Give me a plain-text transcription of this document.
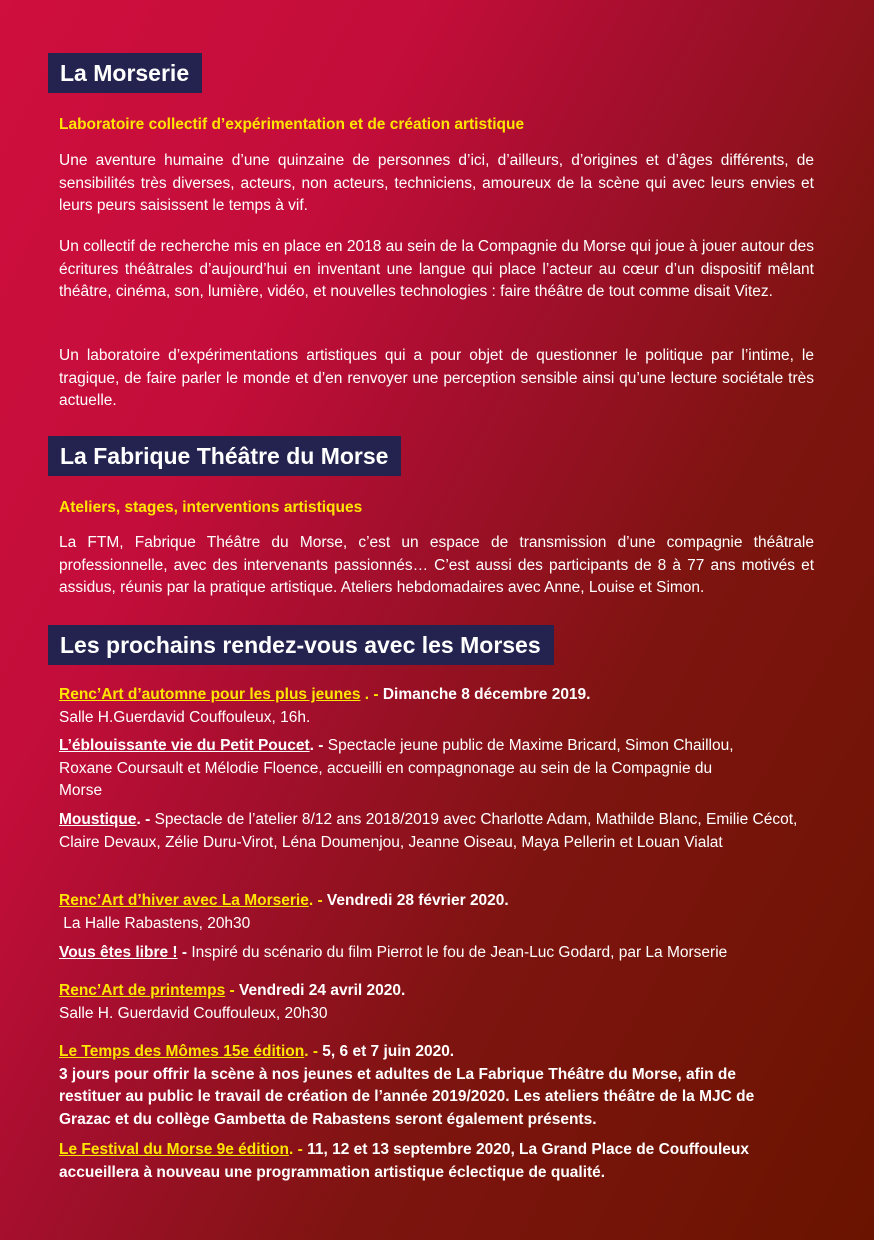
La Morserie
Laboratoire collectif d’expérimentation et de création artistique

Une aventure humaine d’une quinzaine de personnes d’ici, d’ailleurs, d’origines et d’âges différents, de sensibilités très diverses, acteurs, non acteurs, techniciens, amoureux de la scène qui avec leurs envies et leurs peurs saisissent le temps à vif.

Un collectif de recherche mis en place en 2018 au sein de la Compagnie du Morse qui joue à jouer autour des écritures théâtrales d’aujourd’hui en inventant une langue qui place l’acteur au cœur d’un dispositif mêlant théâtre, cinéma, son, lumière, vidéo, et nouvelles technologies : faire théâtre de tout comme disait Vitez.

Un laboratoire d’expérimentations artistiques qui a pour objet de questionner le politique par l’intime, le tragique, de faire parler le monde et d’en renvoyer une perception sensible ainsi qu’une lecture sociétale très actuelle.

La Fabrique Théâtre du Morse
Ateliers, stages, interventions artistiques

La FTM, Fabrique Théâtre du Morse, c’est un espace de transmission d’une compagnie théâtrale professionnelle, avec des intervenants passionnés… C’est aussi des participants de 8 à 77 ans motivés et assidus, réunis par la pratique artistique. Ateliers hebdomadaires avec Anne, Louise et Simon.

Les prochains rendez-vous avec les Morses
Renc’Art d’automne pour les plus jeunes . - Dimanche 8 décembre 2019.
Salle H.Guerdavid Couffouleux, 16h.
L’éblouissante vie du Petit Poucet. - Spectacle jeune public de Maxime Bricard, Simon Chaillou, Roxane Coursault et Mélodie Floence, accueilli en compagnonage au sein de la Compagnie du Morse
Moustique. - Spectacle de l’atelier 8/12 ans 2018/2019 avec Charlotte Adam, Mathilde Blanc, Emilie Cécot, Claire Devaux, Zélie Duru-Virot, Léna Doumenjou, Jeanne Oiseau, Maya Pellerin et Louan Vialat
Renc’Art d’hiver avec La Morserie. - Vendredi 28 février 2020.
La Halle Rabastens, 20h30
Vous êtes libre ! - Inspiré du scénario du film Pierrot le fou de Jean-Luc Godard, par La Morserie
Renc’Art de printemps - Vendredi 24 avril 2020.
Salle H. Guerdavid Couffouleux, 20h30
Le Temps des Mômes 15e édition. - 5, 6 et 7 juin 2020.
3 jours pour offrir la scène à nos jeunes et adultes de La Fabrique Théâtre du Morse, afin de restituer au public le travail de création de l’année 2019/2020. Les ateliers théâtre de la MJC de Grazac et du collège Gambetta de Rabastens seront également présents.
Le Festival du Morse 9e édition. - 11, 12 et 13 septembre 2020, La Grand Place de Couffouleux
accueillera à nouveau une programmation artistique éclectique de qualité.
